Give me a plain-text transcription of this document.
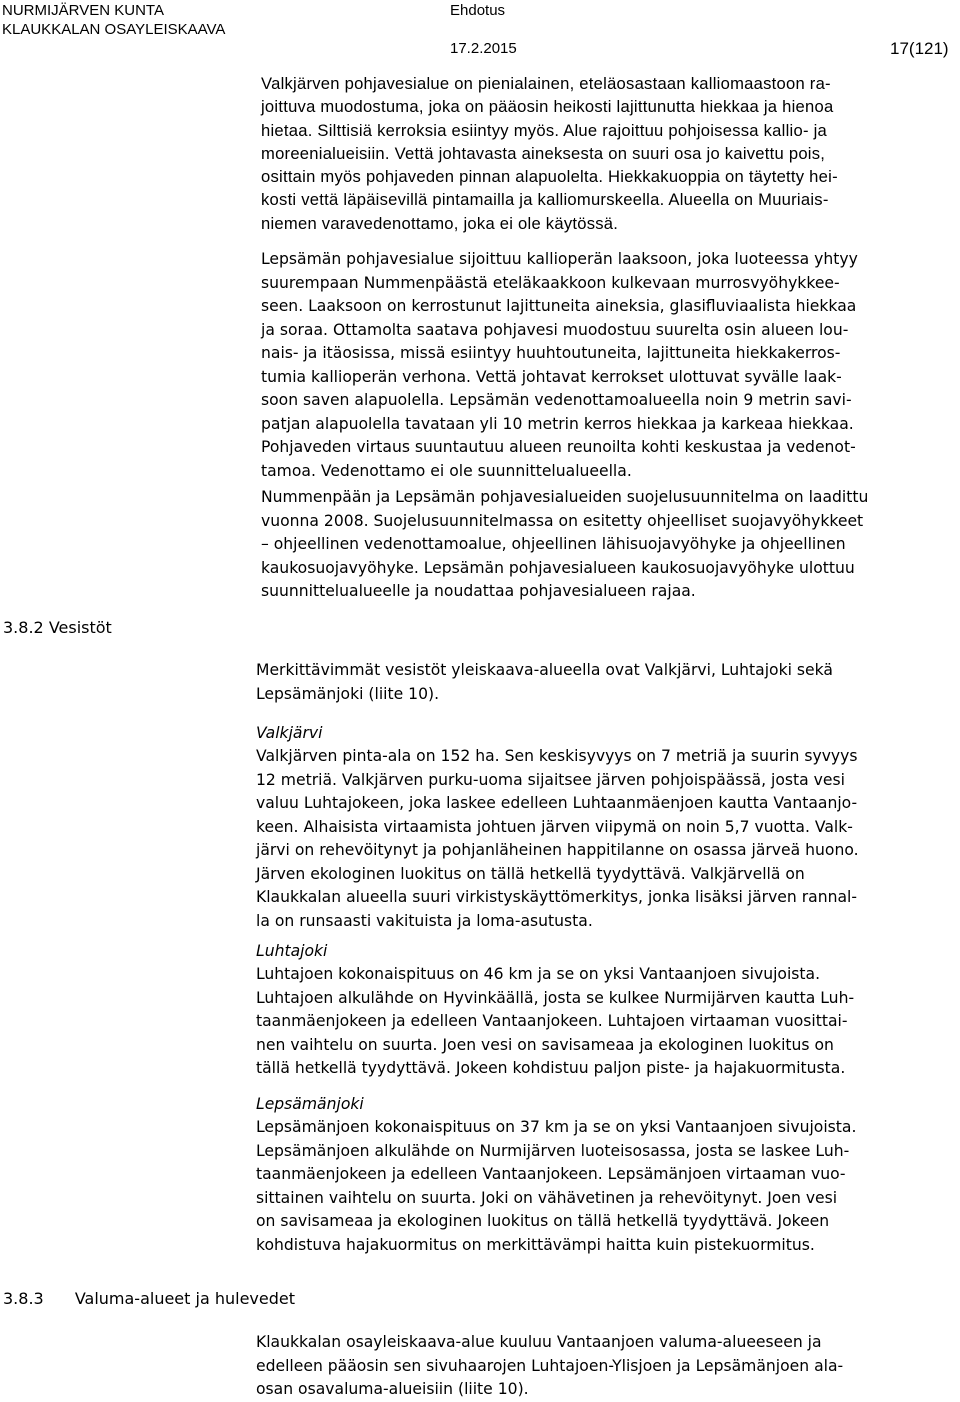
NURMIJÄRVEN KUNTA
KLAUKKALAN OSAYLEISKAAVA
Ehdotus
17.2.2015	17(121)
Valkjärven pohjavesialue on pienialainen, eteläosastaan kalliomaastoon ra-
joittuva muodostuma, joka on pääosin heikosti lajittunutta hiekkaa ja hienoa
hietaa. Silttisiä kerroksia esiintyy myös. Alue rajoittuu pohjoisessa kallio- ja
moreenialueisiin. Vettä johtavasta aineksesta on suuri osa jo kaivettu pois,
osittain myös pohjaveden pinnan alapuolelta. Hiekkakuoppia on täytetty hei-
kosti vettä läpäisevillä pintamailla ja kalliomurskeella. Alueella on Muuriais-
niemen varavedenottamo, joka ei ole käytössä.
Lepsämän pohjavesialue sijoittuu kallioperän laaksoon, joka luoteessa yhtyy
suurempaan Nummenpäästä eteläkaakkoon kulkevaan murrosvyöhykkee-
seen. Laaksoon on kerrostunut lajittuneita aineksia, glasifluviaalista hiekkaa
ja soraa. Ottamolta saatava pohjavesi muodostuu suurelta osin alueen lou-
nais- ja itäosissa, missä esiintyy huuhtoutuneita, lajittuneita hiekkakerros-
tumia kallioperän verhona. Vettä johtavat kerrokset ulottuvat syvälle laak-
soon saven alapuolella. Lepsämän vedenottamoalueella noin 9 metrin savi-
patjan alapuolella tavataan yli 10 metrin kerros hiekkaa ja karkeaa hiekkaa.
Pohjaveden virtaus suuntautuu alueen reunoilta kohti keskustaa ja vedenot-
tamoa. Vedenottamo ei ole suunnittelualueella.
Nummenpään ja Lepsämän pohjavesialueiden suojelusuunnitelma on laadittu
vuonna 2008. Suojelusuunnitelmassa on esitetty ohjeelliset suojavyöhykkeet
– ohjeellinen vedenottamoalue, ohjeellinen lähisuojavyöhyke ja ohjeellinen
kaukosuojavyöhyke. Lepsämän pohjavesialueen kaukosuojavyöhyke ulottuu
suunnittelualueelle ja noudattaa pohjavesialueen rajaa.
3.8.2 Vesistöt
Merkittävimmät vesistöt yleiskaava-alueella ovat Valkjärvi, Luhtajoki sekä
Lepsämänjoki (liite 10).
Valkjärvi
Valkjärven pinta-ala on 152 ha. Sen keskisyvyys on 7 metriä ja suurin syvyys
12 metriä. Valkjärven purku-uoma sijaitsee järven pohjoispäässä, josta vesi
valuu Luhtajokeen, joka laskee edelleen Luhtaanmäenjoen kautta Vantaanjo-
keen. Alhaisista virtaamista johtuen järven viipymä on noin 5,7 vuotta. Valk-
järvi on rehevöitynyt ja pohjanläheinen happitilanne on osassa järveä huono.
Järven ekologinen luokitus on tällä hetkellä tyydyttävä. Valkjärvellä on
Klaukkalan alueella suuri virkistyskäyttömerkitys, jonka lisäksi järven rannal-
la on runsaasti vakituista ja loma-asutusta.
Luhtajoki
Luhtajoen kokonaispituus on 46 km ja se on yksi Vantaanjoen sivujoista.
Luhtajoen alkulähde on Hyvinkäällä, josta se kulkee Nurmijärven kautta Luh-
taanmäenjokeen ja edelleen Vantaanjokeen. Luhtajoen virtaaman vuosittai-
nen vaihtelu on suurta. Joen vesi on savisameaa ja ekologinen luokitus on
tällä hetkellä tyydyttävä. Jokeen kohdistuu paljon piste- ja hajakuormitusta.
Lepsämänjoki
Lepsämänjoen kokonaispituus on 37 km ja se on yksi Vantaanjoen sivujoista.
Lepsämänjoen alkulähde on Nurmijärven luoteisosassa, josta se laskee Luh-
taanmäenjokeen ja edelleen Vantaanjokeen. Lepsämänjoen virtaaman vuo-
sittainen vaihtelu on suurta. Joki on vähävetinen ja rehevöitynyt. Joen vesi
on savisameaa ja ekologinen luokitus on tällä hetkellä tyydyttävä. Jokeen
kohdistuva hajakuormitus on merkittävämpi haitta kuin pistekuormitus.
3.8.3 Valuma-alueet ja hulevedet
Klaukkalan osayleiskaava-alue kuuluu Vantaanjoen valuma-alueeseen ja
edelleen pääosin sen sivuhaarojen Luhtajoen-Ylisjoen ja Lepsämänjoen ala-
osan osavaluma-alueisiin (liite 10).
